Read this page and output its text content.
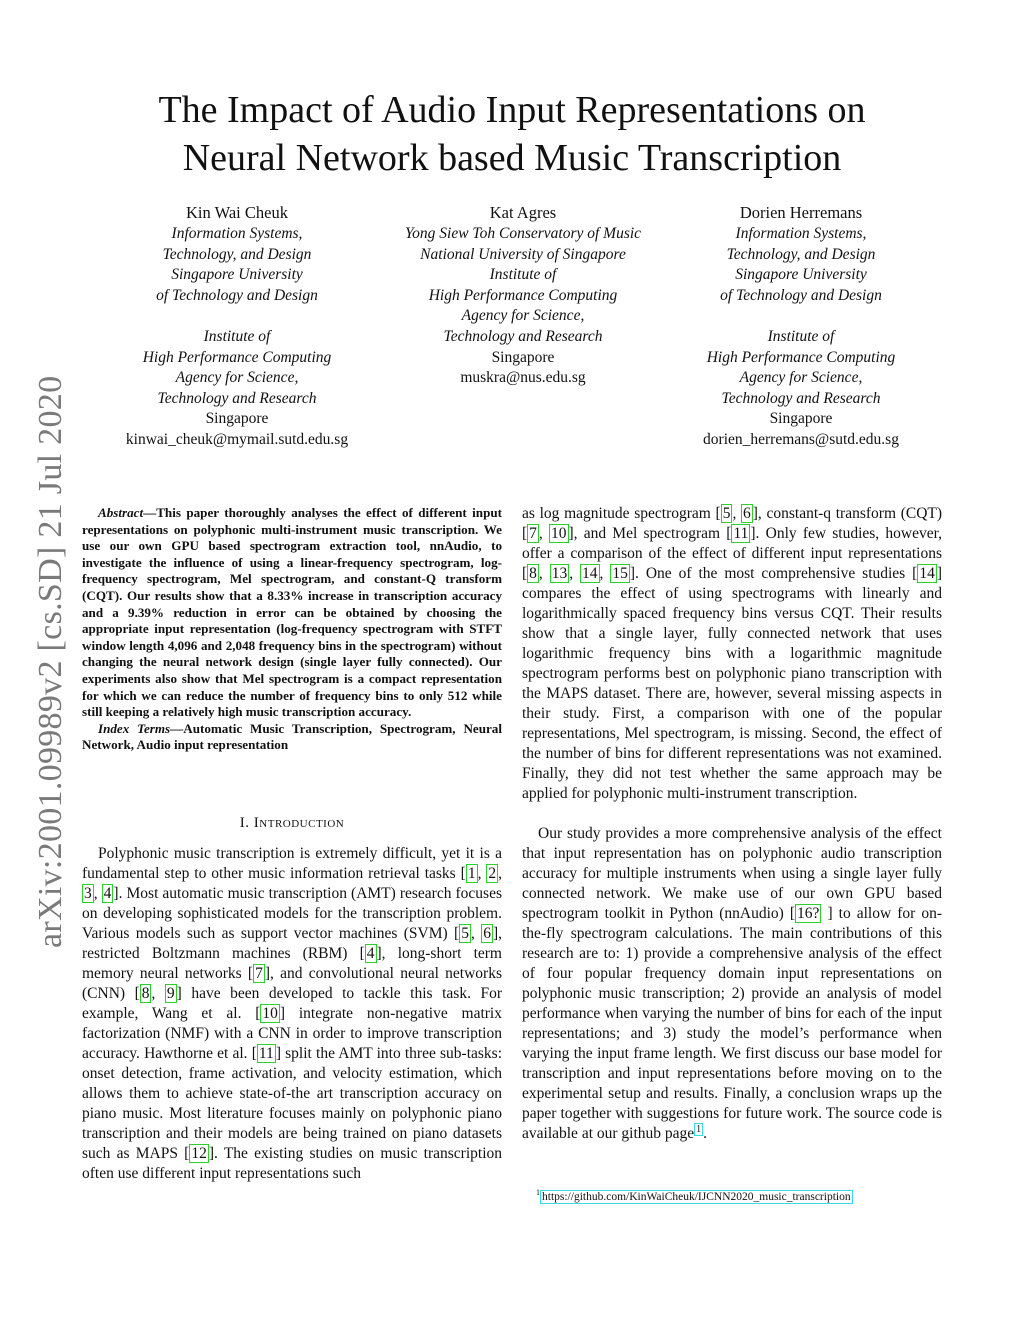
The Impact of Audio Input Representations on
Neural Network based Music Transcription
arXiv:2001.09989v2 [cs.SD] 21 Jul 2020
Kin Wai Cheuk
Information Systems,
Technology, and Design
Singapore University
of Technology and Design
Institute of
High Performance Computing
Agency for Science,
Technology and Research
Singapore
kinwai_cheuk@mymail.sutd.edu.sg
Kat Agres
Yong Siew Toh Conservatory of Music
National University of Singapore
Institute of
High Performance Computing
Agency for Science,
Technology and Research
Singapore
muskra@nus.edu.sg
Dorien Herremans
Information Systems,
Technology, and Design
Singapore University
of Technology and Design
Institute of
High Performance Computing
Agency for Science,
Technology and Research
Singapore
dorien_herremans@sutd.edu.sg

Abstract—This paper thoroughly analyses the effect of different input representations on polyphonic multi-instrument music transcription. We use our own GPU based spectrogram extraction tool, nnAudio, to investigate the influence of using a linear-frequency spectrogram, log-frequency spectrogram, Mel spectrogram, and constant-Q transform (CQT). Our results show that a 8.33% increase in transcription accuracy and a 9.39% reduction in error can be obtained by choosing the appropriate input representation (log-frequency spectrogram with STFT window length 4,096 and 2,048 frequency bins in the spectrogram) without changing the neural network design (single layer fully connected). Our experiments also show that Mel spectrogram is a compact representation for which we can reduce the number of frequency bins to only 512 while still keeping a relatively high music transcription accuracy.

Index Terms—Automatic Music Transcription, Spectrogram, Neural Network, Audio input representation

I. Introduction

Polyphonic music transcription is extremely difficult, yet it is a fundamental step to other music information retrieval tasks [ 1 , 2 , 3 , 4 ]. Most automatic music transcription (AMT) research focuses on developing sophisticated models for the transcription problem. Various models such as support vector machines (SVM) [ 5 , 6 ], restricted Boltzmann machines (RBM) [ 4 ], long-short term memory neural networks [ 7 ], and convolutional neural networks (CNN) [ 8 , 9 ] have been developed to tackle this task. For example, Wang et al. [ 10 ] integrate non-negative matrix factorization (NMF) with a CNN in order to improve transcription accuracy. Hawthorne et al. [ 11 ] split the AMT into three sub-tasks: onset detection, frame activation, and velocity estimation, which allows them to achieve state-of-the art transcription accuracy on piano music. Most literature focuses mainly on polyphonic piano transcription and their models are being trained on piano datasets such as MAPS [ 12 ]. The existing studies on music transcription often use different input representations such

as log magnitude spectrogram [ 5 , 6 ], constant-q transform (CQT) [ 7 , 10 ], and Mel spectrogram [ 11 ]. Only few studies, however, offer a comparison of the effect of different input representations [ 8 , 13 , 14 , 15 ]. One of the most comprehensive studies [ 14 ] compares the effect of using spectrograms with linearly and logarithmically spaced frequency bins versus CQT. Their results show that a single layer, fully connected network that uses logarithmic frequency bins with a logarithmic magnitude spectrogram performs best on polyphonic piano transcription with the MAPS dataset. There are, however, several missing aspects in their study. First, a comparison with one of the popular representations, Mel spectrogram, is missing. Second, the effect of the number of bins for different representations was not examined. Finally, they did not test whether the same approach may be applied for polyphonic multi-instrument transcription.

Our study provides a more comprehensive analysis of the effect that input representation has on polyphonic audio transcription accuracy for multiple instruments when using a single layer fully connected network. We make use of our own GPU based spectrogram toolkit in Python (nnAudio) [ 16? ] to allow for on-the-fly spectrogram calculations. The main contributions of this research are to: 1) provide a comprehensive analysis of the effect of four popular frequency domain input representations on polyphonic music transcription; 2) provide an analysis of model performance when varying the number of bins for each of the input representations; and 3) study the model’s performance when varying the input frame length. We first discuss our base model for transcription and input representations before moving on to the experimental setup and results. Finally, a conclusion wraps up the paper together with suggestions for future work. The source code is available at our github page $^1$ .

$^1$ https://github.com/KinWaiCheuk/IJCNN2020_music_transcription
